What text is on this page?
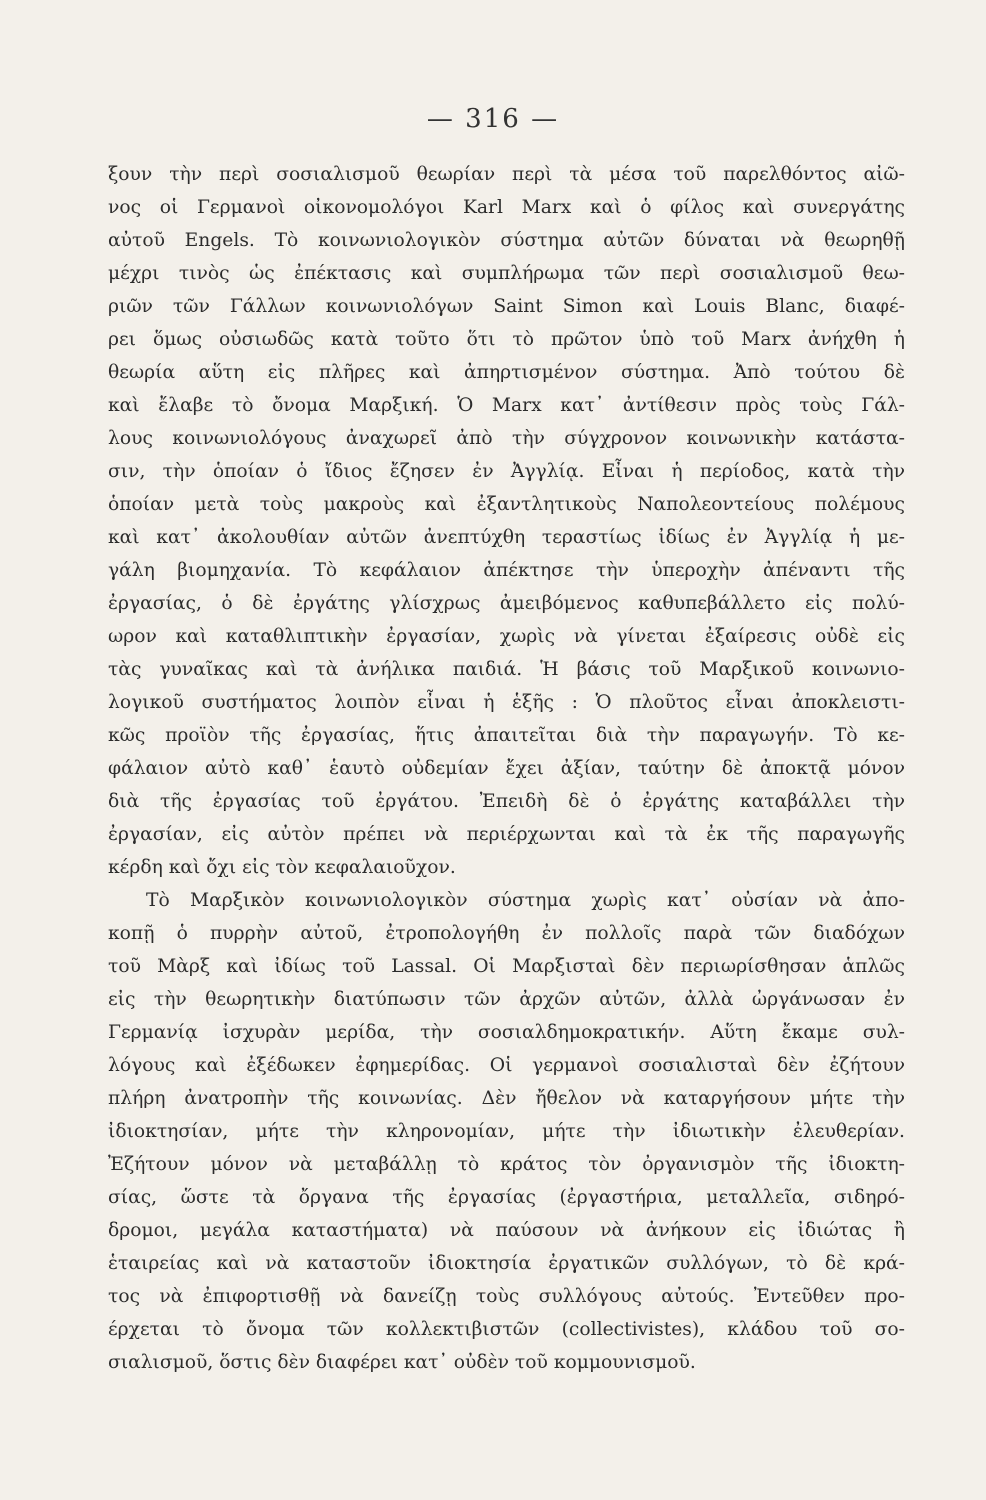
— 316 —
ξουν τὴν περὶ σοσιαλισμοῦ θεωρίαν περὶ τὰ μέσα τοῦ παρελθόντος αἰῶ-
νος οἱ Γερμανοὶ οἰκονομολόγοι Karl Marx καὶ ὁ φίλος καὶ συνεργάτης
αὐτοῦ Engels. Τὸ κοινωνιολογικὸν σύστημα αὐτῶν δύναται νὰ θεωρηθῇ
μέχρι τινὸς ὡς ἐπέκτασις καὶ συμπλήρωμα τῶν περὶ σοσιαλισμοῦ θεω-
ριῶν τῶν Γάλλων κοινωνιολόγων Saint Simon καὶ Louis Blanc, διαφέ-
ρει ὅμως οὐσιωδῶς κατὰ τοῦτο ὅτι τὸ πρῶτον ὑπὸ τοῦ Marx ἀνήχθη ἡ
θεωρία αὕτη εἰς πλῆρες καὶ ἀπηρτισμένον σύστημα. Ἀπὸ τούτου δὲ
καὶ ἔλαβε τὸ ὄνομα Μαρξική. Ὁ Marx κατ᾽ ἀντίθεσιν πρὸς τοὺς Γάλ-
λους κοινωνιολόγους ἀναχωρεῖ ἀπὸ τὴν σύγχρονον κοινωνικὴν κατάστα-
σιν, τὴν ὁποίαν ὁ ἴδιος ἔζησεν ἐν Ἀγγλίᾳ. Εἶναι ἡ περίοδος, κατὰ τὴν
ὁποίαν μετὰ τοὺς μακροὺς καὶ ἐξαντλητικοὺς Ναπολεοντείους πολέμους
καὶ κατ᾽ ἀκολουθίαν αὐτῶν ἀνεπτύχθη τεραστίως ἰδίως ἐν Ἀγγλίᾳ ἡ με-
γάλη βιομηχανία. Τὸ κεφάλαιον ἀπέκτησε τὴν ὑπεροχὴν ἀπέναντι τῆς
ἐργασίας, ὁ δὲ ἐργάτης γλίσχρως ἀμειβόμενος καθυπεβάλλετο εἰς πολύ-
ωρον καὶ καταθλιπτικὴν ἐργασίαν, χωρὶς νὰ γίνεται ἐξαίρεσις οὐδὲ εἰς
τὰς γυναῖκας καὶ τὰ ἀνήλικα παιδιά. Ἡ βάσις τοῦ Μαρξικοῦ κοινωνιο-
λογικοῦ συστήματος λοιπὸν εἶναι ἡ ἑξῆς : Ὁ πλοῦτος εἶναι ἀποκλειστι-
κῶς προϊὸν τῆς ἐργασίας, ἥτις ἀπαιτεῖται διὰ τὴν παραγωγήν. Τὸ κε-
φάλαιον αὐτὸ καθ᾽ ἑαυτὸ οὐδεμίαν ἔχει ἀξίαν, ταύτην δὲ ἀποκτᾷ μόνον
διὰ τῆς ἐργασίας τοῦ ἐργάτου. Ἐπειδὴ δὲ ὁ ἐργάτης καταβάλλει τὴν
ἐργασίαν, εἰς αὐτὸν πρέπει νὰ περιέρχωνται καὶ τὰ ἐκ τῆς παραγωγῆς
κέρδη καὶ ὄχι εἰς τὸν κεφαλαιοῦχον.
Τὸ Μαρξικὸν κοινωνιολογικὸν σύστημα χωρὶς κατ᾽ οὐσίαν νὰ ἀπο-
κοπῇ ὁ πυρρὴν αὐτοῦ, ἐτροπολογήθη ἐν πολλοῖς παρὰ τῶν διαδόχων
τοῦ Μὰρξ καὶ ἰδίως τοῦ Lassal. Οἱ Μαρξισταὶ δὲν περιωρίσθησαν ἁπλῶς
εἰς τὴν θεωρητικὴν διατύπωσιν τῶν ἀρχῶν αὐτῶν, ἀλλὰ ὠργάνωσαν ἐν
Γερμανίᾳ ἰσχυρὰν μερίδα, τὴν σοσιαλδημοκρατικήν. Αὕτη ἔκαμε συλ-
λόγους καὶ ἐξέδωκεν ἐφημερίδας. Οἱ γερμανοὶ σοσιαλισταὶ δὲν ἐζήτουν
πλήρη ἀνατροπὴν τῆς κοινωνίας. Δὲν ἤθελον νὰ καταργήσουν μήτε τὴν
ἰδιοκτησίαν, μήτε τὴν κληρονομίαν, μήτε τὴν ἰδιωτικὴν ἐλευθερίαν.
Ἐζήτουν μόνον νὰ μεταβάλλῃ τὸ κράτος τὸν ὀργανισμὸν τῆς ἰδιοκτη-
σίας, ὥστε τὰ ὄργανα τῆς ἐργασίας (ἐργαστήρια, μεταλλεῖα, σιδηρό-
δρομοι, μεγάλα καταστήματα) νὰ παύσουν νὰ ἀνήκουν εἰς ἰδιώτας ἢ
ἑταιρείας καὶ νὰ καταστοῦν ἰδιοκτησία ἐργατικῶν συλλόγων, τὸ δὲ κρά-
τος νὰ ἐπιφορτισθῇ νὰ δανείζῃ τοὺς συλλόγους αὐτούς. Ἐντεῦθεν προ-
έρχεται τὸ ὄνομα τῶν κολλεκτιβιστῶν (collectivistes), κλάδου τοῦ σο-
σιαλισμοῦ, ὅστις δὲν διαφέρει κατ᾽ οὐδὲν τοῦ κομμουνισμοῦ.
